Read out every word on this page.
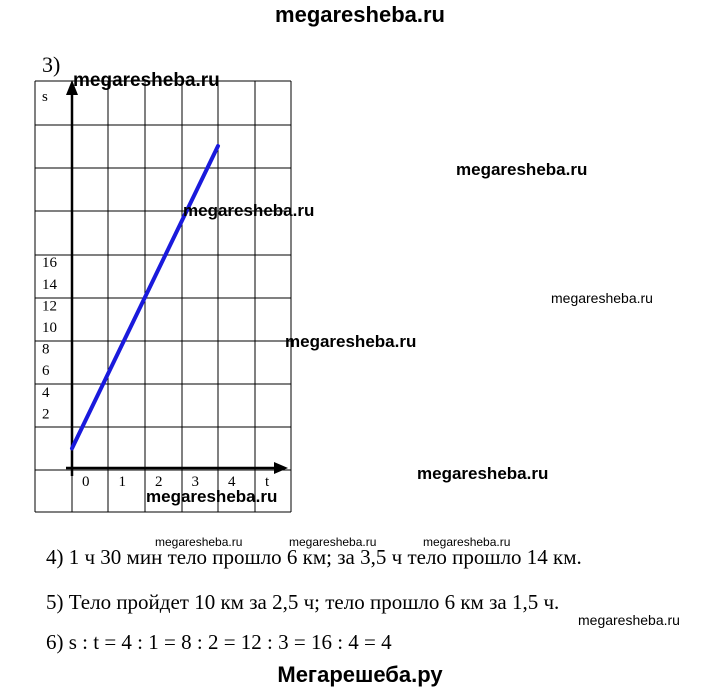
megaresheba.ru
3)
0 1 2 3 4 t
2
4
6
8
10
12
14
16
s
megaresheba.ru
megaresheba.ru
megaresheba.ru
megaresheba.ru
megaresheba.ru
megaresheba.ru
megaresheba.ru
megaresheba.ru	megaresheba.ru	megaresheba.ru
megaresheba.ru
4) 1 ч 30 мин тело прошло 6 км; за 3,5 ч тело прошло 14 км.
5) Тело пройдет 10 км за 2,5 ч; тело прошло 6 км за 1,5 ч.
6) s : t = 4 : 1 = 8 : 2 = 12 : 3 = 16 : 4 = 4
Мегарешеба.ру
